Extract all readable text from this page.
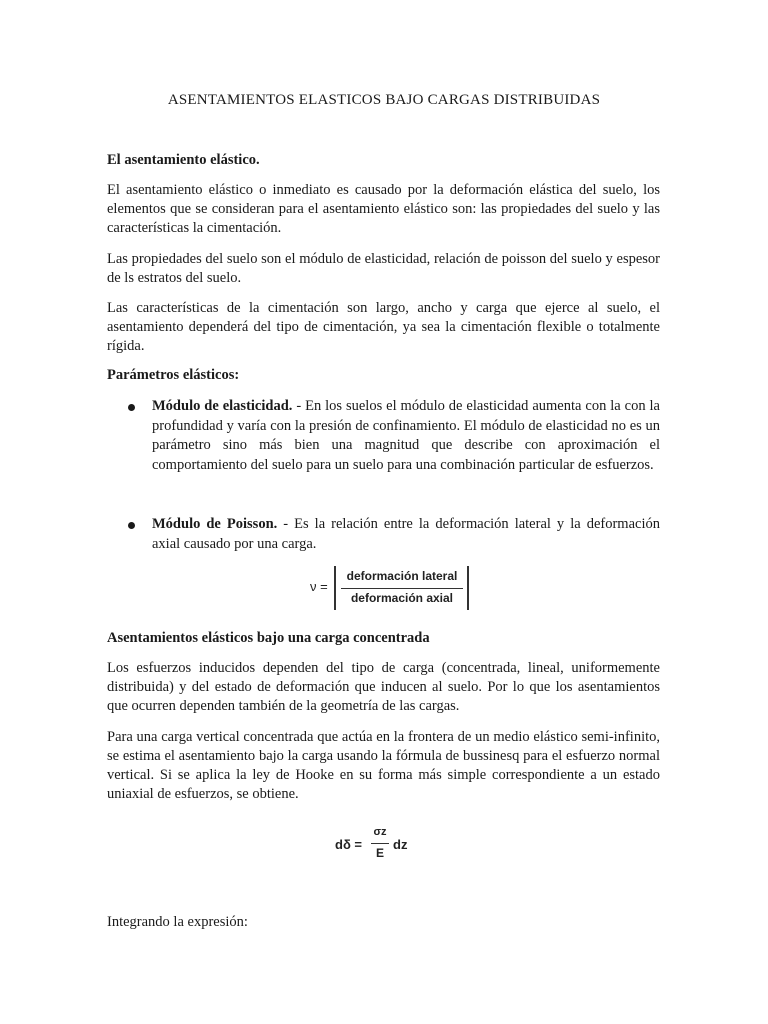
ASENTAMIENTOS ELASTICOS BAJO CARGAS DISTRIBUIDAS
El asentamiento elástico.

El asentamiento elástico o inmediato es causado por la deformación elástica del suelo, los elementos que se consideran para el asentamiento elástico son: las propiedades del suelo y las características la cimentación.

Las propiedades del suelo son el módulo de elasticidad, relación de poisson del suelo y espesor de ls estratos del suelo.

Las características de la cimentación son largo, ancho y carga que ejerce al suelo, el asentamiento dependerá del tipo de cimentación, ya sea la cimentación flexible o totalmente rígida.

Parámetros elásticos:

Módulo de elasticidad. - En los suelos el módulo de elasticidad aumenta con la con la profundidad y varía con la presión de confinamiento. El módulo de elasticidad no es un parámetro sino más bien una magnitud que describe con aproximación el comportamiento del suelo para un suelo para una combinación particular de esfuerzos.

Módulo de Poisson. - Es la relación entre la deformación lateral y la deformación axial causado por una carga.

ν =
deformación lateral
deformación axial
Asentamientos elásticos bajo una carga concentrada

Los esfuerzos inducidos dependen del tipo de carga (concentrada, lineal, uniformemente distribuida) y del estado de deformación que inducen al suelo. Por lo que los asentamientos que ocurren dependen también de la geometría de las cargas.

Para una carga vertical concentrada que actúa en la frontera de un medio elástico semi-infinito, se estima el asentamiento bajo la carga usando la fórmula de bussinesq para el esfuerzo normal vertical. Si se aplica la ley de Hooke en su forma más simple correspondiente a un estado uniaxial de esfuerzos, se obtiene.

dδ =
σz
E
dz

Integrando la expresión:
